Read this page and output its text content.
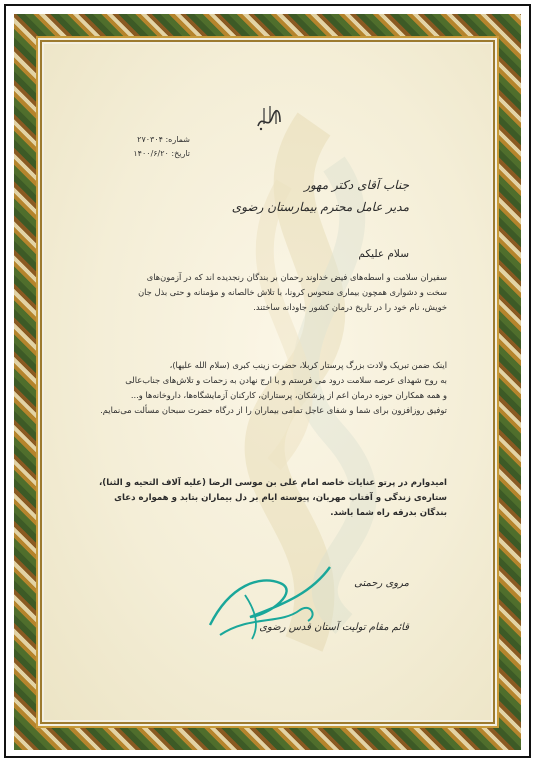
شماره: ۲۷۰۳۰۴
تاریخ: ۱۴۰۰/۶/۲۰
جناب آقای دکتر مهور
مدیر عامل محترم بیمارستان رضوی
سلام علیکم
سفیران سلامت و اسطه‌های فیض خداوند رحمان بر بندگان رنجدیده اند که در آزمون‌های
سخت و دشواری همچون بیماری منحوس کرونا، با تلاش خالصانه و مؤمنانه و حتی بذل جان
خویش، نام خود را در تاریخ درمان کشور جاودانه ساختند.
اینک ضمن تبریک ولادت بزرگ پرستار کربلا، حضرت زینب کبری (سلام الله علیها)،
به روح شهدای عرصه سلامت درود می فرستم و با ارج نهادن به زحمات و تلاش‌های جناب‌عالی
و همه همکاران حوزه درمان اعم از پزشکان، پرستاران، کارکنان آزمایشگاه‌ها، داروخانه‌ها و...
توفیق روزافزون برای شما و شفای عاجل تمامی بیماران را از درگاه حضرت سبحان مسألت می‌نمایم.
امیدوارم در پرتو عنایات خاصه امام علی بن موسی الرضا (علیه آلاف التحیه و الثنا)،
ستاره‌ی زندگی و آفتاب مهربان، پیوسته ایام بر دل بیماران بتابد و همواره دعای
بندگان بدرقه راه شما باشد.
مروی رحمتی
قائم مقام تولیت آستان قدس رضوی
